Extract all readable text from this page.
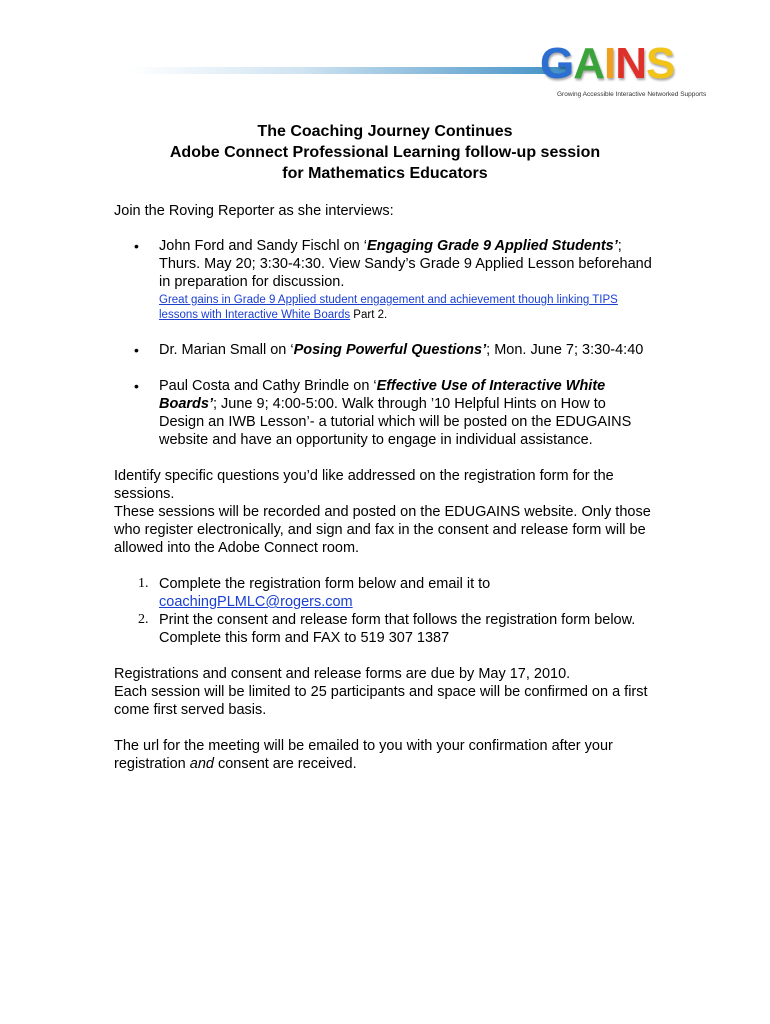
GAINS
Growing Accessible Interactive Networked Supports
The Coaching Journey Continues
Adobe Connect Professional Learning follow-up session
for Mathematics Educators

Join the Roving Reporter as she interviews:

• John Ford and Sandy Fischl on ‘Engaging Grade 9 Applied Students’; Thurs. May 20; 3:30-4:30. View Sandy’s Grade 9 Applied Lesson beforehand in preparation for discussion.
Great gains in Grade 9 Applied student engagement and achievement though linking TIPS lessons with Interactive White Boards Part 2.
• Dr. Marian Small on ‘Posing Powerful Questions’; Mon. June 7; 3:30-4:40
• Paul Costa and Cathy Brindle on ‘Effective Use of Interactive White Boards’; June 9; 4:00-5:00. Walk through ’10 Helpful Hints on How to Design an IWB Lesson’- a tutorial which will be posted on the EDUGAINS website and have an opportunity to engage in individual assistance.

Identify specific questions you’d like addressed on the registration form for the sessions.
These sessions will be recorded and posted on the EDUGAINS website. Only those who register electronically, and sign and fax in the consent and release form will be allowed into the Adobe Connect room.

1. Complete the registration form below and email it to coachingPLMLC@rogers.com
2. Print the consent and release form that follows the registration form below. Complete this form and FAX to 519 307 1387

Registrations and consent and release forms are due by May 17, 2010.
Each session will be limited to 25 participants and space will be confirmed on a first come first served basis.

The url for the meeting will be emailed to you with your confirmation after your registration and consent are received.
